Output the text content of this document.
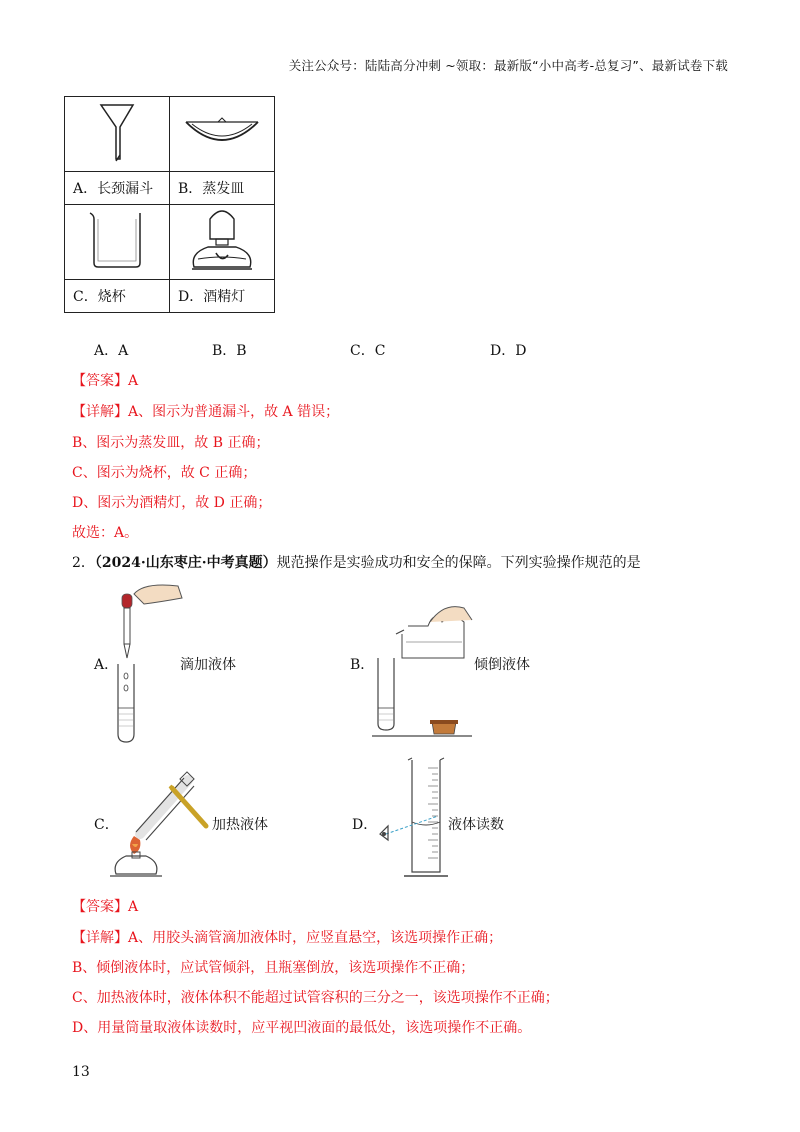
关注公众号：陆陆高分冲刺 ~领取：最新版“小中高考-总复习”、最新试卷下载

A．长颈漏斗	B．蒸发皿

C．烧杯	D．酒精灯
A．A	B．B	C．C	D．D
【答案】A
【详解】A、图示为普通漏斗，故 A 错误；
B、图示为蒸发皿，故 B 正确；
C、图示为烧杯，故 C 正确；
D、图示为酒精灯，故 D 正确；
故选：A。
2．（2024·山东枣庄·中考真题）规范操作是实验成功和安全的保障。下列实验操作规范的是
A．	滴加液体	B．	倾倒液体
C．	加热液体	D．	液体读数
【答案】A
【详解】A、用胶头滴管滴加液体时，应竖直悬空，该选项操作正确；
B、倾倒液体时，应试管倾斜，且瓶塞倒放，该选项操作不正确；
C、加热液体时，液体体积不能超过试管容积的三分之一，该选项操作不正确；
D、用量筒量取液体读数时，应平视凹液面的最低处，该选项操作不正确。
13
